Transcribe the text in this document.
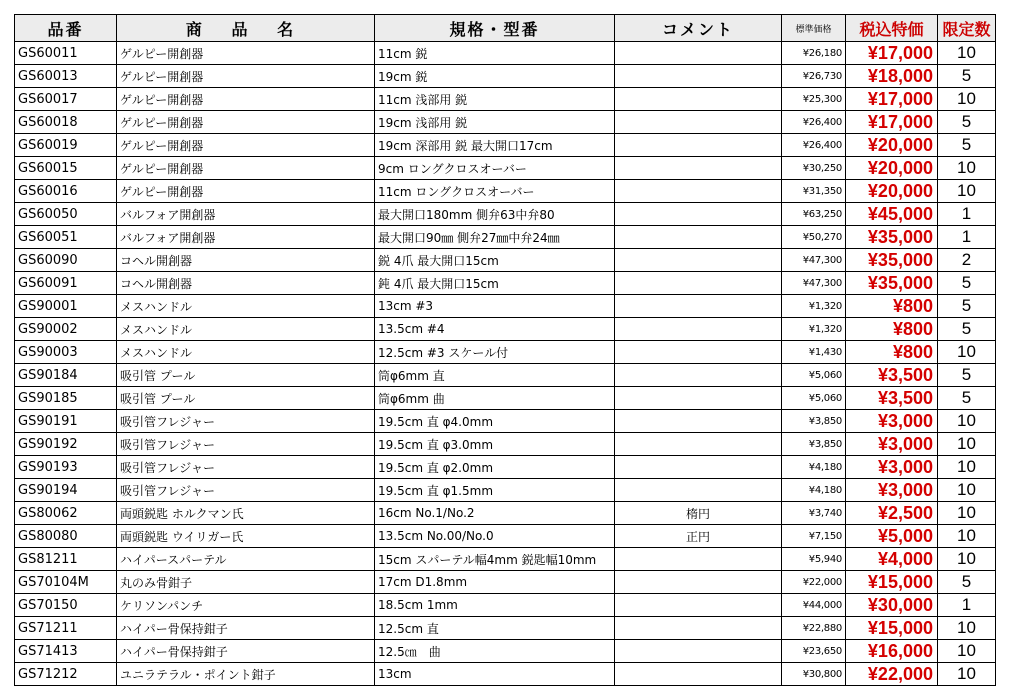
品番	商 品 名	規格・型番	コメント	標準価格	税込特価	限定数
GS60011	ゲルピー開創器	11cm 鋭		¥26,180	¥17,000	10
GS60013	ゲルピー開創器	19cm 鋭		¥26,730	¥18,000	5
GS60017	ゲルピー開創器	11cm 浅部用 鋭		¥25,300	¥17,000	10
GS60018	ゲルピー開創器	19cm 浅部用 鋭		¥26,400	¥17,000	5
GS60019	ゲルピー開創器	19cm 深部用 鋭 最大開口17cm		¥26,400	¥20,000	5
GS60015	ゲルピー開創器	9cm ロングクロスオーバー		¥30,250	¥20,000	10
GS60016	ゲルピー開創器	11cm ロングクロスオーバー		¥31,350	¥20,000	10
GS60050	バルフォア開創器	最大開口180mm 側弁63中弁80		¥63,250	¥45,000	1
GS60051	バルフォア開創器	最大開口90㎜ 側弁27㎜中弁24㎜		¥50,270	¥35,000	1
GS60090	コヘル開創器	鋭 4爪 最大開口15cm		¥47,300	¥35,000	2
GS60091	コヘル開創器	鈍 4爪 最大開口15cm		¥47,300	¥35,000	5
GS90001	メスハンドル	13cm #3		¥1,320	¥800	5
GS90002	メスハンドル	13.5cm #4		¥1,320	¥800	5
GS90003	メスハンドル	12.5cm #3 スケール付		¥1,430	¥800	10
GS90184	吸引管 プール	筒φ6mm 直		¥5,060	¥3,500	5
GS90185	吸引管 プール	筒φ6mm 曲		¥5,060	¥3,500	5
GS90191	吸引管フレジャー	19.5cm 直 φ4.0mm		¥3,850	¥3,000	10
GS90192	吸引管フレジャー	19.5cm 直 φ3.0mm		¥3,850	¥3,000	10
GS90193	吸引管フレジャー	19.5cm 直 φ2.0mm		¥4,180	¥3,000	10
GS90194	吸引管フレジャー	19.5cm 直 φ1.5mm		¥4,180	¥3,000	10
GS80062	両頭鋭匙 ホルクマン氏	16cm No.1/No.2	楕円	¥3,740	¥2,500	10
GS80080	両頭鋭匙 ウイリガー氏	13.5cm No.00/No.0	正円	¥7,150	¥5,000	10
GS81211	ハイパースパーテル	15cm スパーテル幅4mm 鋭匙幅10mm		¥5,940	¥4,000	10
GS70104M	丸のみ骨鉗子	17cm D1.8mm		¥22,000	¥15,000	5
GS70150	ケリソンパンチ	18.5cm 1mm		¥44,000	¥30,000	1
GS71211	ハイパー骨保持鉗子	12.5cm 直		¥22,880	¥15,000	10
GS71413	ハイパー骨保持鉗子	12.5㎝　曲		¥23,650	¥16,000	10
GS71212	ユニラテラル・ポイント鉗子	13cm		¥30,800	¥22,000	10
